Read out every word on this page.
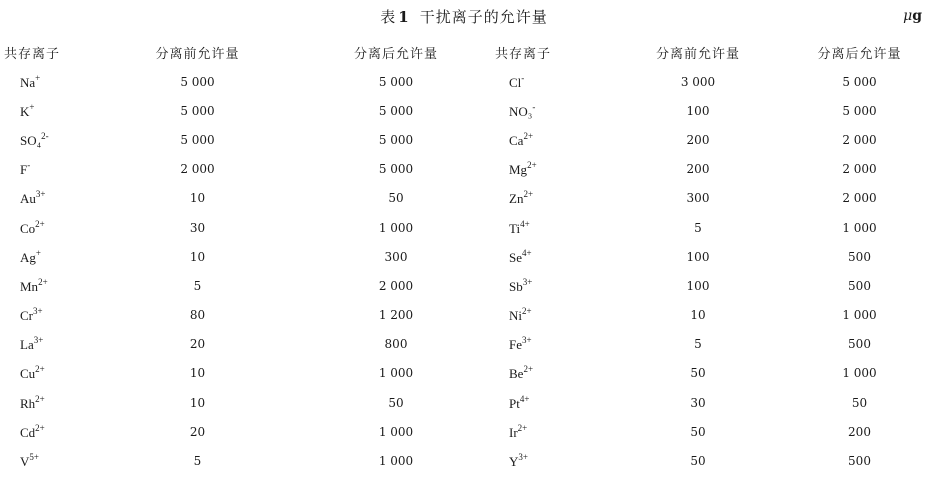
表 1 干扰离子的允许量	μg
共存离子	分离前允许量	分离后允许量	共存离子	分离前允许量	分离后允许量
Na+	5 000	5 000	Cl-	3 000	5 000
K+	5 000	5 000	NO₃-	100	5 000
SO₄$^{2-}$	5 000	5 000	$Ca^{2+}$	200	2 000
F-	2 000	5 000	$Mg^{2+}$	200	2 000
$Au^{3+}$	10	50	$Zn^{2+}$	300	2 000
$Co^{2+}$	30	1 000	$Ti^{4+}$	5	1 000
Ag+	10	300	$Se^{4+}$	100	500
$Mn^{2+}$	5	2 000	$Sb^{3+}$	100	500
$Cr^{3+}$	80	1 200	$Ni^{2+}$	10	1 000
$La^{3+}$	20	800	$Fe^{3+}$	5	500
$Cu^{2+}$	10	1 000	$Be^{2+}$	50	1 000
$Rh^{2+}$	10	50	$Pt^{4+}$	30	50
$Cd^{2+}$	20	1 000	$Ir^{2+}$	50	200
$V^{5+}$	5	1 000	$Y^{3+}$	50	500
